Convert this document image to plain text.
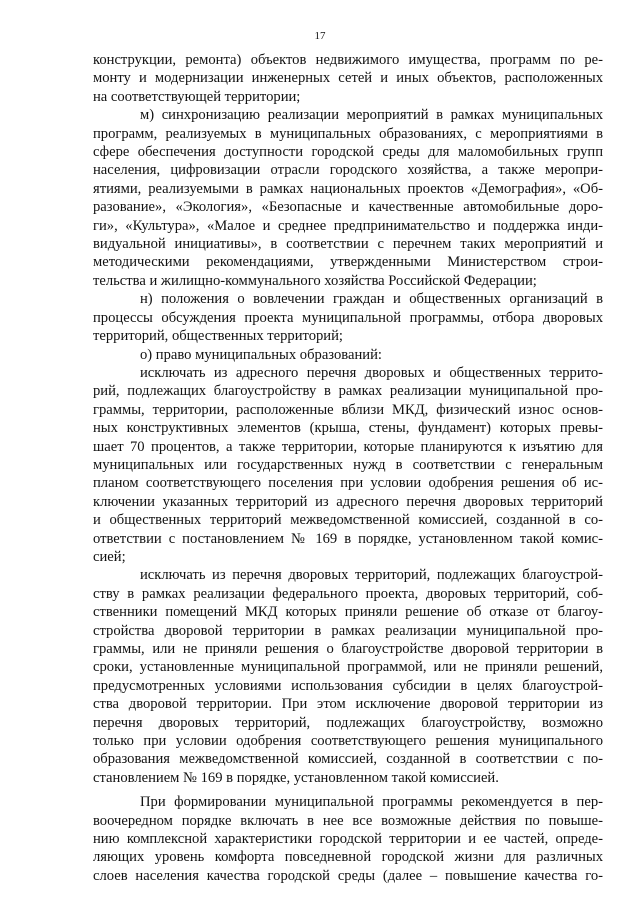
17

конструкции, ремонта) объектов недвижимого имущества, программ по ре-

монту и модернизации инженерных сетей и иных объектов, расположенных

на соответствующей территории;

м) синхронизацию реализации мероприятий в рамках муниципальных

программ, реализуемых в муниципальных образованиях, с мероприятиями в

сфере обеспечения доступности городской среды для маломобильных групп

населения, цифровизации отрасли городского хозяйства, а также меропри-

ятиями, реализуемыми в рамках национальных проектов «Демография», «Об-

разование», «Экология», «Безопасные и качественные автомобильные доро-

ги», «Культура», «Малое и среднее предпринимательство и поддержка инди-

видуальной инициативы», в соответствии с перечнем таких мероприятий и

методическими рекомендациями, утвержденными Министерством строи-

тельства и жилищно-коммунального хозяйства Российской Федерации;

н) положения о вовлечении граждан и общественных организаций в

процессы обсуждения проекта муниципальной программы, отбора дворовых

территорий, общественных территорий;

о) право муниципальных образований:

исключать из адресного перечня дворовых и общественных террито-

рий, подлежащих благоустройству в рамках реализации муниципальной про-

граммы, территории, расположенные вблизи МКД, физический износ основ-

ных конструктивных элементов (крыша, стены, фундамент) которых превы-

шает 70 процентов, а также территории, которые планируются к изъятию для

муниципальных или государственных нужд в соответствии с генеральным

планом соответствующего поселения при условии одобрения решения об ис-

ключении указанных территорий из адресного перечня дворовых территорий

и общественных территорий межведомственной комиссией, созданной в со-

ответствии с постановлением № 169 в порядке, установленном такой комис-

сией;

исключать из перечня дворовых территорий, подлежащих благоустрой-

ству в рамках реализации федерального проекта, дворовых территорий, соб-

ственники помещений МКД которых приняли решение об отказе от благоу-

стройства дворовой территории в рамках реализации муниципальной про-

граммы, или не приняли решения о благоустройстве дворовой территории в

сроки, установленные муниципальной программой, или не приняли решений,

предусмотренных условиями использования субсидии в целях благоустрой-

ства дворовой территории. При этом исключение дворовой территории из

перечня дворовых территорий, подлежащих благоустройству, возможно

только при условии одобрения соответствующего решения муниципального

образования межведомственной комиссией, созданной в соответствии с по-

становлением № 169 в порядке, установленном такой комиссией.

При формировании муниципальной программы рекомендуется в пер-

воочередном порядке включать в нее все возможные действия по повыше-

нию комплексной характеристики городской территории и ее частей, опреде-

ляющих уровень комфорта повседневной городской жизни для различных

слоев населения качества городской среды (далее – повышение качества го-
